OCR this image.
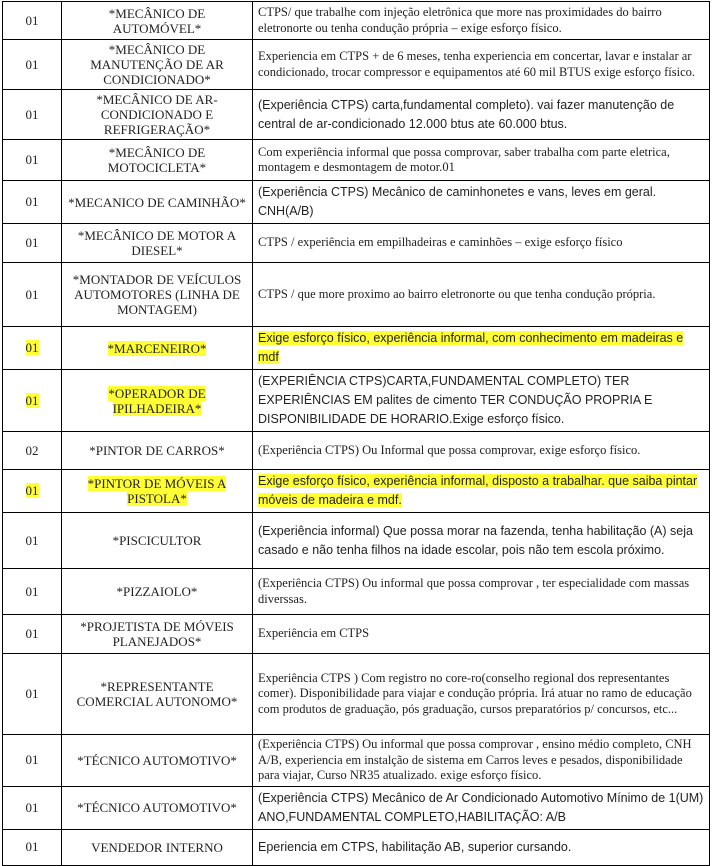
01	*MECÂNICO DE AUTOMÓVEL*	CTPS/ que trabalhe com injeção eletrônica que more nas proximidades do bairro eletronorte ou tenha condução própria – exige esforço físico.
01	*MECÂNICO DE MANUTENÇÃO DE AR CONDICIONADO*	Experiencia em CTPS + de 6 meses, tenha experiencia em concertar, lavar e instalar ar condicionado, trocar compressor e equipamentos até 60 mil BTUS exige esforço físico.
01	*MECÂNICO DE AR-CONDICIONADO E REFRIGERAÇÃO*	(Experiência CTPS) carta,fundamental completo). vai fazer manutenção de central de ar-condicionado 12.000 btus ate 60.000 btus.
01	*MECÂNICO DE MOTOCICLETA*	Com experiência informal que possa comprovar, saber trabalha com parte eletrica, montagem e desmontagem de motor.01
01	*MECANICO DE CAMINHÃO*	(Experiência CTPS) Mecânico de caminhonetes e vans, leves em geral. CNH(A/B)
01	*MECÂNICO DE MOTOR A DIESEL*	CTPS / experiência em empilhadeiras e caminhões – exige esforço físico
01	*MONTADOR DE VEÍCULOS AUTOMOTORES (LINHA DE MONTAGEM)	CTPS / que more proximo ao bairro eletronorte ou que tenha condução própria.
01	*MARCENEIRO*	Exige esforço físico, experiência informal, com conhecimento em madeiras e mdf
01	*OPERADOR DE IPILHADEIRA*	(EXPERIÊNCIA CTPS)CARTA,FUNDAMENTAL COMPLETO) TER EXPERIÊNCIAS EM palites de cimento TER CONDUÇÃO PROPRIA E DISPONIBILIDADE DE HORARIO.Exige esforço físico.
02	*PINTOR DE CARROS*	(Experiência CTPS) Ou Informal que possa comprovar, exige esforço físico.
01	*PINTOR DE MÓVEIS A PISTOLA*	Exige esforço físico, experiência informal, disposto a trabalhar. que saiba pintar móveis de madeira e mdf.
01	*PISCICULTOR	(Experiência informal) Que possa morar na fazenda, tenha habilitação (A) seja casado e não tenha filhos na idade escolar, pois não tem escola próximo.
01	*PIZZAIOLO*	(Experiência CTPS) Ou informal que possa comprovar , ter especialidade com massas diverssas.
01	*PROJETISTA DE MÓVEIS PLANEJADOS*	Experiência em CTPS
01	*REPRESENTANTE COMERCIAL AUTONOMO*	Experiência CTPS ) Com registro no core-ro(conselho regional dos representantes comer). Disponibilidade para viajar e condução própria. Irá atuar no ramo de educação com produtos de graduação, pós graduação, cursos preparatórios p/ concursos, etc...
01	*TÉCNICO AUTOMOTIVO*	(Experiência CTPS) Ou informal que possa comprovar , ensino médio completo, CNH A/B, experiencia em instalção de sistema em Carros leves e pesados, disponibilidade para viajar, Curso NR35 atualizado. exige esforço físico.
01	*TÉCNICO AUTOMOTIVO*	(Experiência CTPS) Mecânico de Ar Condicionado Automotivo Mínimo de 1(UM) ANO,FUNDAMENTAL COMPLETO,HABILITAÇÃO: A/B
01	VENDEDOR INTERNO	Eperiencia em CTPS, habilitação AB, superior cursando.
